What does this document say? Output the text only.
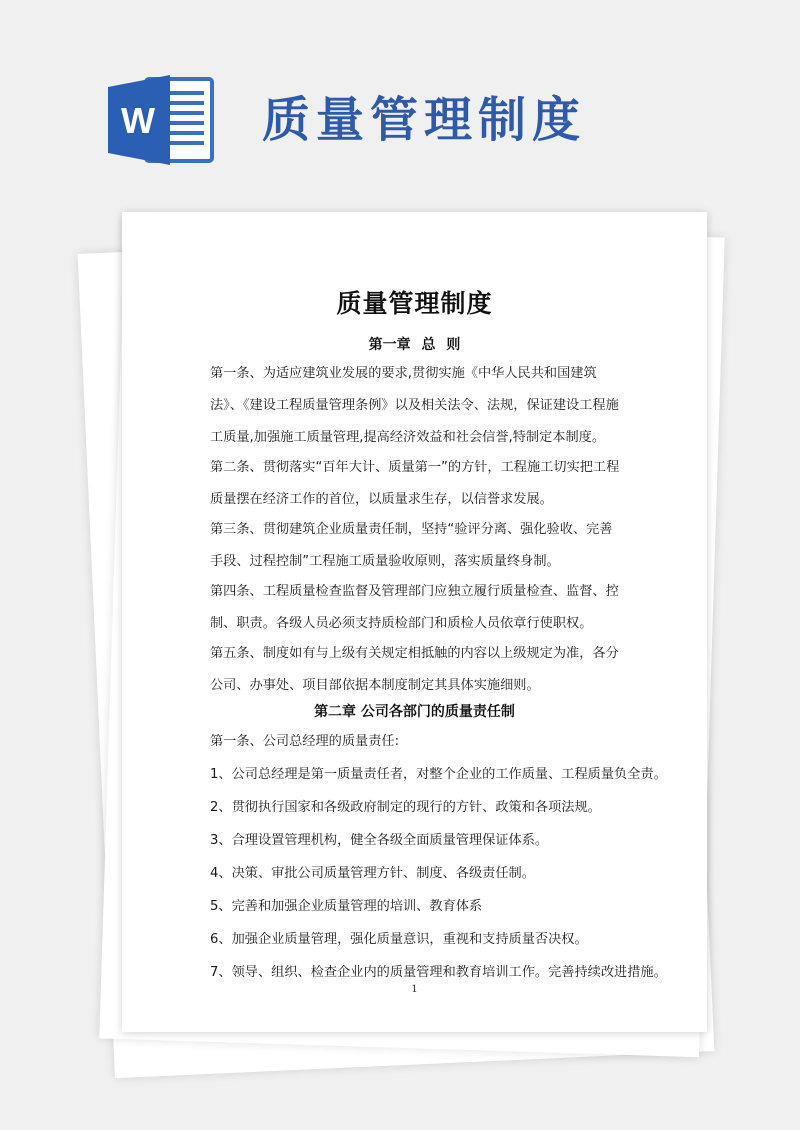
W 质量管理制度
质量管理制度
第一章 总 则
第一条、为适应建筑业发展的要求,贯彻实施《中华人民共和国建筑法》、《建设工程质量管理条例》以及相关法令、法规，保证建设工程施工质量,加强施工质量管理,提高经济效益和社会信誉,特制定本制度。
第二条、贯彻落实“百年大计、质量第一”的方针，工程施工切实把工程质量摆在经济工作的首位，以质量求生存，以信誉求发展。
第三条、贯彻建筑企业质量责任制，坚持“验评分离、强化验收、完善手段、过程控制”工程施工质量验收原则，落实质量终身制。
第四条、工程质量检查监督及管理部门应独立履行质量检查、监督、控制、职责。各级人员必须支持质检部门和质检人员依章行使职权。
第五条、制度如有与上级有关规定相抵触的内容以上级规定为准，各分公司、办事处、项目部依据本制度制定其具体实施细则。
第二章 公司各部门的质量责任制
第一条、公司总经理的质量责任:
1、公司总经理是第一质量责任者，对整个企业的工作质量、工程质量负全责。
2、贯彻执行国家和各级政府制定的现行的方针、政策和各项法规。
3、合理设置管理机构，健全各级全面质量管理保证体系。
4、决策、审批公司质量管理方针、制度、各级责任制。
5、完善和加强企业质量管理的培训、教育体系
6、加强企业质量管理，强化质量意识，重视和支持质量否决权。
7、领导、组织、检查企业内的质量管理和教育培训工作。完善持续改进措施。
1
